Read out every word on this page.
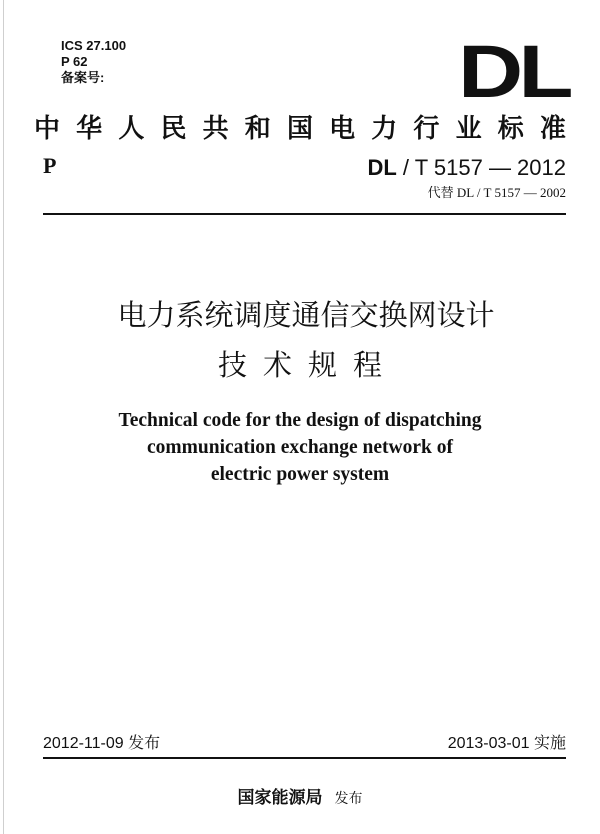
ICS 27.100
P 62
备案号:	DL
中 华 人 民 共 和 国 电 力 行 业 标 准
P	DL / T 5157 — 2012
代替 DL / T 5157 — 2002
电力系统调度通信交换网设计
技术规程
Technical code for the design of dispatching
communication exchange network of
electric power system
2012-11-09 发布	2013-03-01 实施
国家能源局 发布
